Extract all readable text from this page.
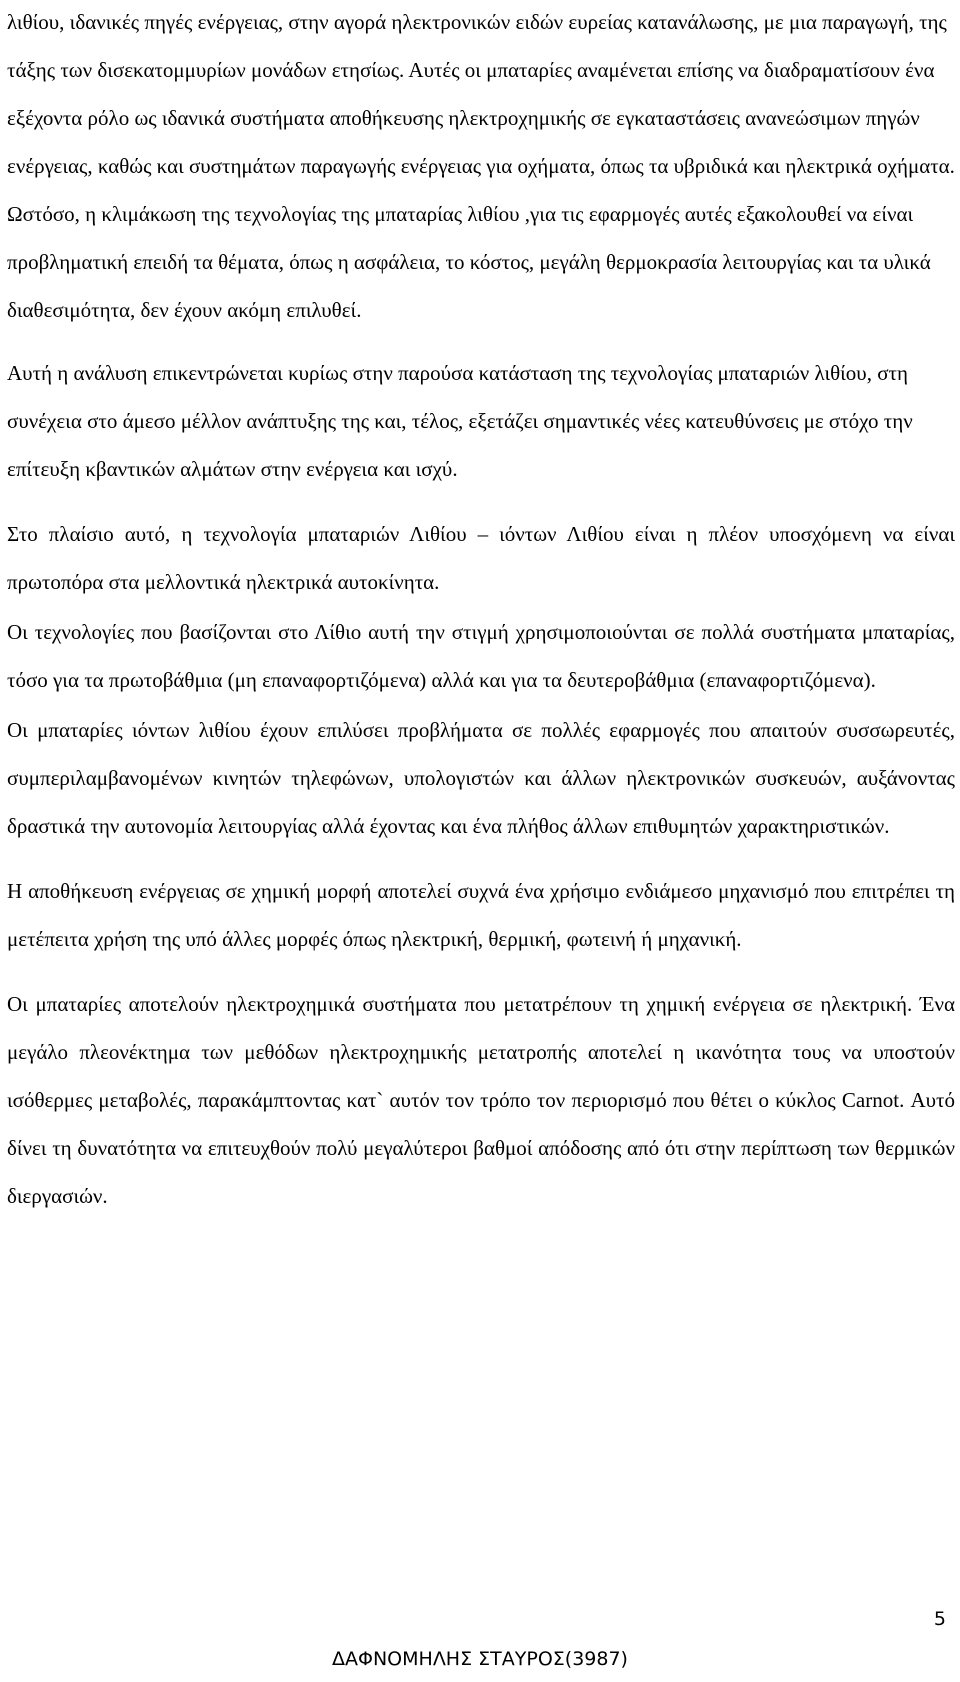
λιθίου, ιδανικές πηγές ενέργειας, στην αγορά ηλεκτρονικών ειδών ευρείας κατανάλωσης, με μια παραγωγή, της τάξης των δισεκατομμυρίων μονάδων ετησίως. Αυτές οι μπαταρίες αναμένεται επίσης να διαδραματίσουν ένα εξέχοντα ρόλο ως ιδανικά συστήματα αποθήκευσης ηλεκτροχημικής σε εγκαταστάσεις ανανεώσιμων πηγών ενέργειας, καθώς και συστημάτων παραγωγής ενέργειας για οχήματα, όπως τα υβριδικά και ηλεκτρικά οχήματα. Ωστόσο, η κλιμάκωση της τεχνολογίας της μπαταρίας λιθίου ,για τις εφαρμογές αυτές εξακολουθεί να είναι προβληματική επειδή τα θέματα, όπως η ασφάλεια, το κόστος, μεγάλη θερμοκρασία λειτουργίας και τα υλικά διαθεσιμότητα, δεν έχουν ακόμη επιλυθεί.

Αυτή η ανάλυση επικεντρώνεται κυρίως στην παρούσα κατάσταση της τεχνολογίας μπαταριών λιθίου, στη συνέχεια στο άμεσο μέλλον ανάπτυξης της και, τέλος, εξετάζει σημαντικές νέες κατευθύνσεις με στόχο την επίτευξη κβαντικών αλμάτων στην ενέργεια και ισχύ.

Στο πλαίσιο αυτό, η τεχνολογία μπαταριών Λιθίου – ιόντων Λιθίου είναι η πλέον υποσχόμενη να είναι πρωτοπόρα στα μελλοντικά ηλεκτρικά αυτοκίνητα.

Οι τεχνολογίες που βασίζονται στο Λίθιο αυτή την στιγμή χρησιμοποιούνται σε πολλά συστήματα μπαταρίας, τόσο για τα πρωτοβάθμια (μη επαναφορτιζόμενα) αλλά και για τα δευτεροβάθμια (επαναφορτιζόμενα).

Οι μπαταρίες ιόντων λιθίου έχουν επιλύσει προβλήματα σε πολλές εφαρμογές που απαιτούν συσσωρευτές, συμπεριλαμβανομένων κινητών τηλεφώνων, υπολογιστών και άλλων ηλεκτρονικών συσκευών, αυξάνοντας δραστικά την αυτονομία λειτουργίας αλλά έχοντας και ένα πλήθος άλλων επιθυμητών χαρακτηριστικών.

Η αποθήκευση ενέργειας σε χημική μορφή αποτελεί συχνά ένα χρήσιμο ενδιάμεσο μηχανισμό που επιτρέπει τη μετέπειτα χρήση της υπό άλλες μορφές όπως ηλεκτρική, θερμική, φωτεινή ή μηχανική.

Οι μπαταρίες αποτελούν ηλεκτροχημικά συστήματα που μετατρέπουν τη χημική ενέργεια σε ηλεκτρική. Ένα μεγάλο πλεονέκτημα των μεθόδων ηλεκτροχημικής μετατροπής αποτελεί η ικανότητα τους να υποστούν ισόθερμες μεταβολές, παρακάμπτοντας κατ` αυτόν τον τρόπο τον περιορισμό που θέτει ο κύκλος Carnot. Αυτό δίνει τη δυνατότητα να επιτευχθούν πολύ μεγαλύτεροι βαθμοί απόδοσης από ότι στην περίπτωση των θερμικών διεργασιών.

5
ΔΑΦΝΟΜΗΛΗΣ ΣΤΑΥΡΟΣ(3987)
